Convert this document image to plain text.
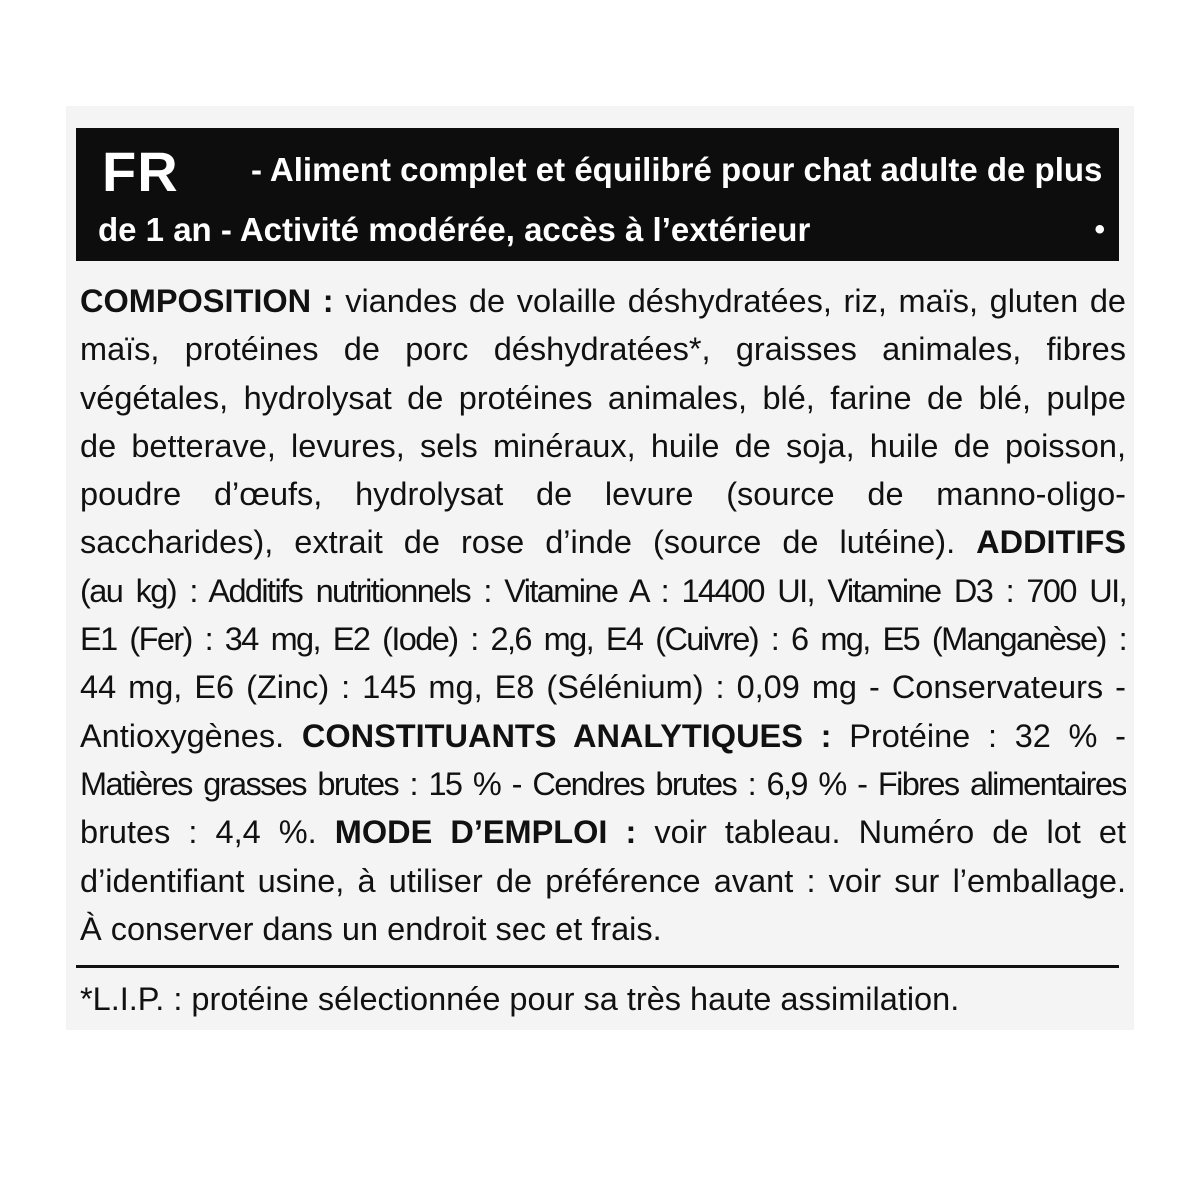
FR - Aliment complet et équilibré pour chat adulte de plus
de 1 an - Activité modérée, accès à l’extérieur	•
COMPOSITION : viandes de volaille déshydratées, riz, maïs, gluten de
maïs, protéines de porc déshydratées*, graisses animales, fibres
végétales, hydrolysat de protéines animales, blé, farine de blé, pulpe
de betterave, levures, sels minéraux, huile de soja, huile de poisson,
poudre d’œufs, hydrolysat de levure (source de manno-oligo-
saccharides), extrait de rose d’inde (source de lutéine). ADDITIFS
(au kg) : Additifs nutritionnels : Vitamine A : 14400 UI, Vitamine D3 : 700 UI,
E1 (Fer) : 34 mg, E2 (Iode) : 2,6 mg, E4 (Cuivre) : 6 mg, E5 (Manganèse) :
44 mg, E6 (Zinc) : 145 mg, E8 (Sélénium) : 0,09 mg - Conservateurs -
Antioxygènes. CONSTITUANTS ANALYTIQUES : Protéine : 32 % -
Matières grasses brutes : 15 % - Cendres brutes : 6,9 % - Fibres alimentaires
brutes : 4,4 %. MODE D’EMPLOI : voir tableau. Numéro de lot et
d’identifiant usine, à utiliser de préférence avant : voir sur l’emballage.
À conserver dans un endroit sec et frais.
*L.I.P. : protéine sélectionnée pour sa très haute assimilation.
